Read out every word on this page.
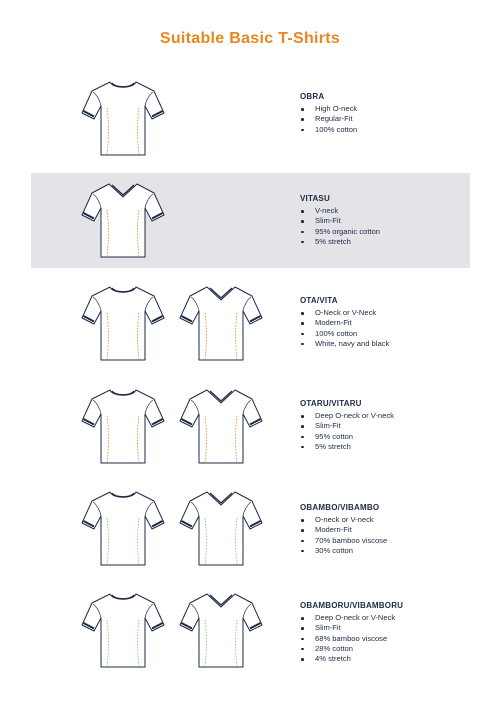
Suitable Basic T-Shirts
OBRA
High O-neck
Regular-Fit
100% cotton
VITASU
V-neck
Slim-Fit
95% organic cotton
5% stretch
OTA/VITA
O-Neck or V-Neck
Modern-Fit
100% cotton
White, navy and black
OTARU/VITARU
Deep O-neck or V-neck
Slim-Fit
95% cotton
5% stretch
OBAMBO/VIBAMBO
O-neck or V-neck
Modern-Fit
70% bamboo viscose
30% cotton
OBAMBORU/VIBAMBORU
Deep O-neck or V-Neck
Slim-Fit
68% bamboo viscose
28% cotton
4% stretch
